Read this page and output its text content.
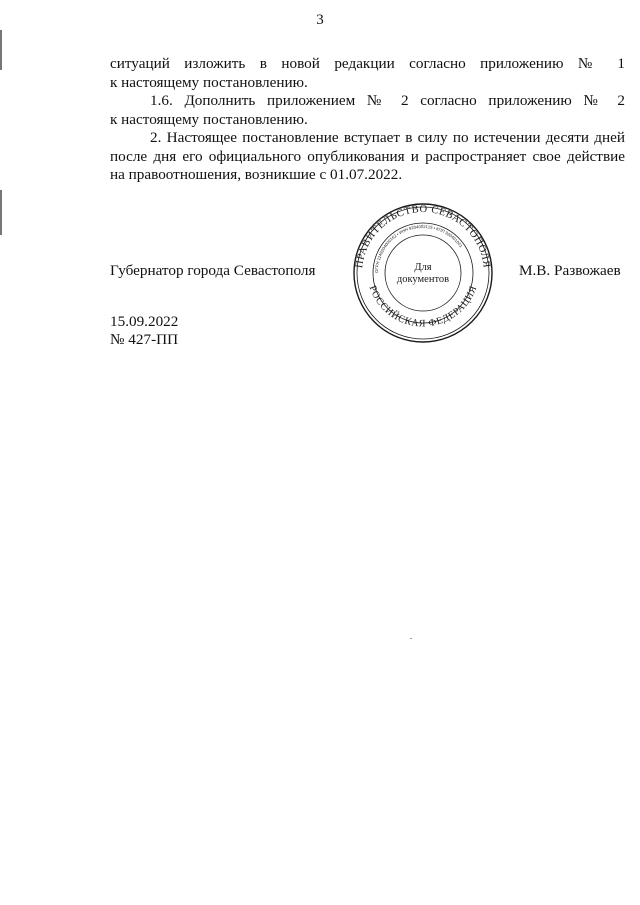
3

ситуаций изложить в новой редакции согласно приложению № 1
к настоящему постановлению.

1.6. Дополнить приложением № 2 согласно приложению № 2
к настоящему постановлению.

2. Настоящее постановление вступает в силу по истечении десяти дней
после дня его официального опубликования и распространяет свое действие
на правоотношения, возникшие с 01.07.2022.

Губернатор города Севастополя	М.В. Развожаев
ПРАВИТЕЛЬСТВО СЕВАСТОПОЛЯ
РОССИЙСКАЯ ФЕДЕРАЦИЯ
ОГРН 1149204000162 • ИНН 9204002115 • КПП 920401001
Для
документов
15.09.2022
№ 427-ПП
